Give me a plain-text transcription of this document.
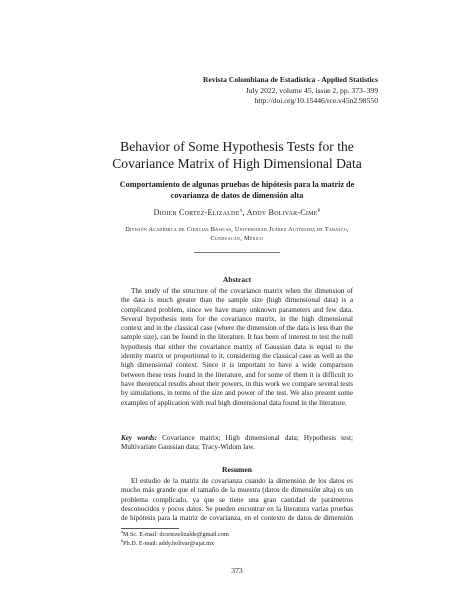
Revista Colombiana de Estadística - Applied Statistics
July 2022, volume 45, issue 2, pp. 373–399
http://doi.org/10.15446/rce.v45n2.98550
Behavior of Some Hypothesis Tests for the
Covariance Matrix of High Dimensional Data
Comportamiento de algunas pruebas de hipótesis para la matriz de
covarianza de datos de dimensión alta
Didier Cortez-Elizalde$^a$, Addy Bolivar-Cime$^b$
División Académica de Ciencias Básicas, Universidad Juárez Autónoma de Tabasco,
Cunduacán, México
Abstract
The study of the structure of the covariance matrix when the dimension of the data is much greater than the sample size (high dimensional data) is a complicated problem, since we have many unknown parameters and few data. Several hypothesis tests for the covariance matrix, in the high dimensional context and in the classical case (where the dimension of the data is less than the sample size), can be found in the literature. It has been of interest to test the null hypothesis that either the covariance matrix of Gaussian data is equal to the identity matrix or proportional to it, considering the classical case as well as the high dimensional context. Since it is important to have a wide comparison between these tests found in the literature, and for some of them it is difficult to have theoretical results about their powers, in this work we compare several tests by simulations, in terms of the size and power of the test. We also present some examples of application with real high dimensional data found in the literature.
Key words: Covariance matrix; High dimensional data; Hypothesis test; Multivariate Gaussian data; Tracy-Widom law.
Resumen
El estudio de la matriz de covarianza cuando la dimensión de los datos es mucho más grande que el tamaño de la muestra (datos de dimensión alta) es un problema complicado, ya que se tiene una gran cantidad de parámetros desconocidos y pocos datos. Se pueden encontrar en la literatura varias pruebas de hipótesis para la matriz de covarianza, en el contexto de datos de dimensión
$^a$M.Sc. E-mail: dcortezelizalde@gmail.com
$^b$Ph.D. E-mail: addy.bolivar@ujat.mx
373
